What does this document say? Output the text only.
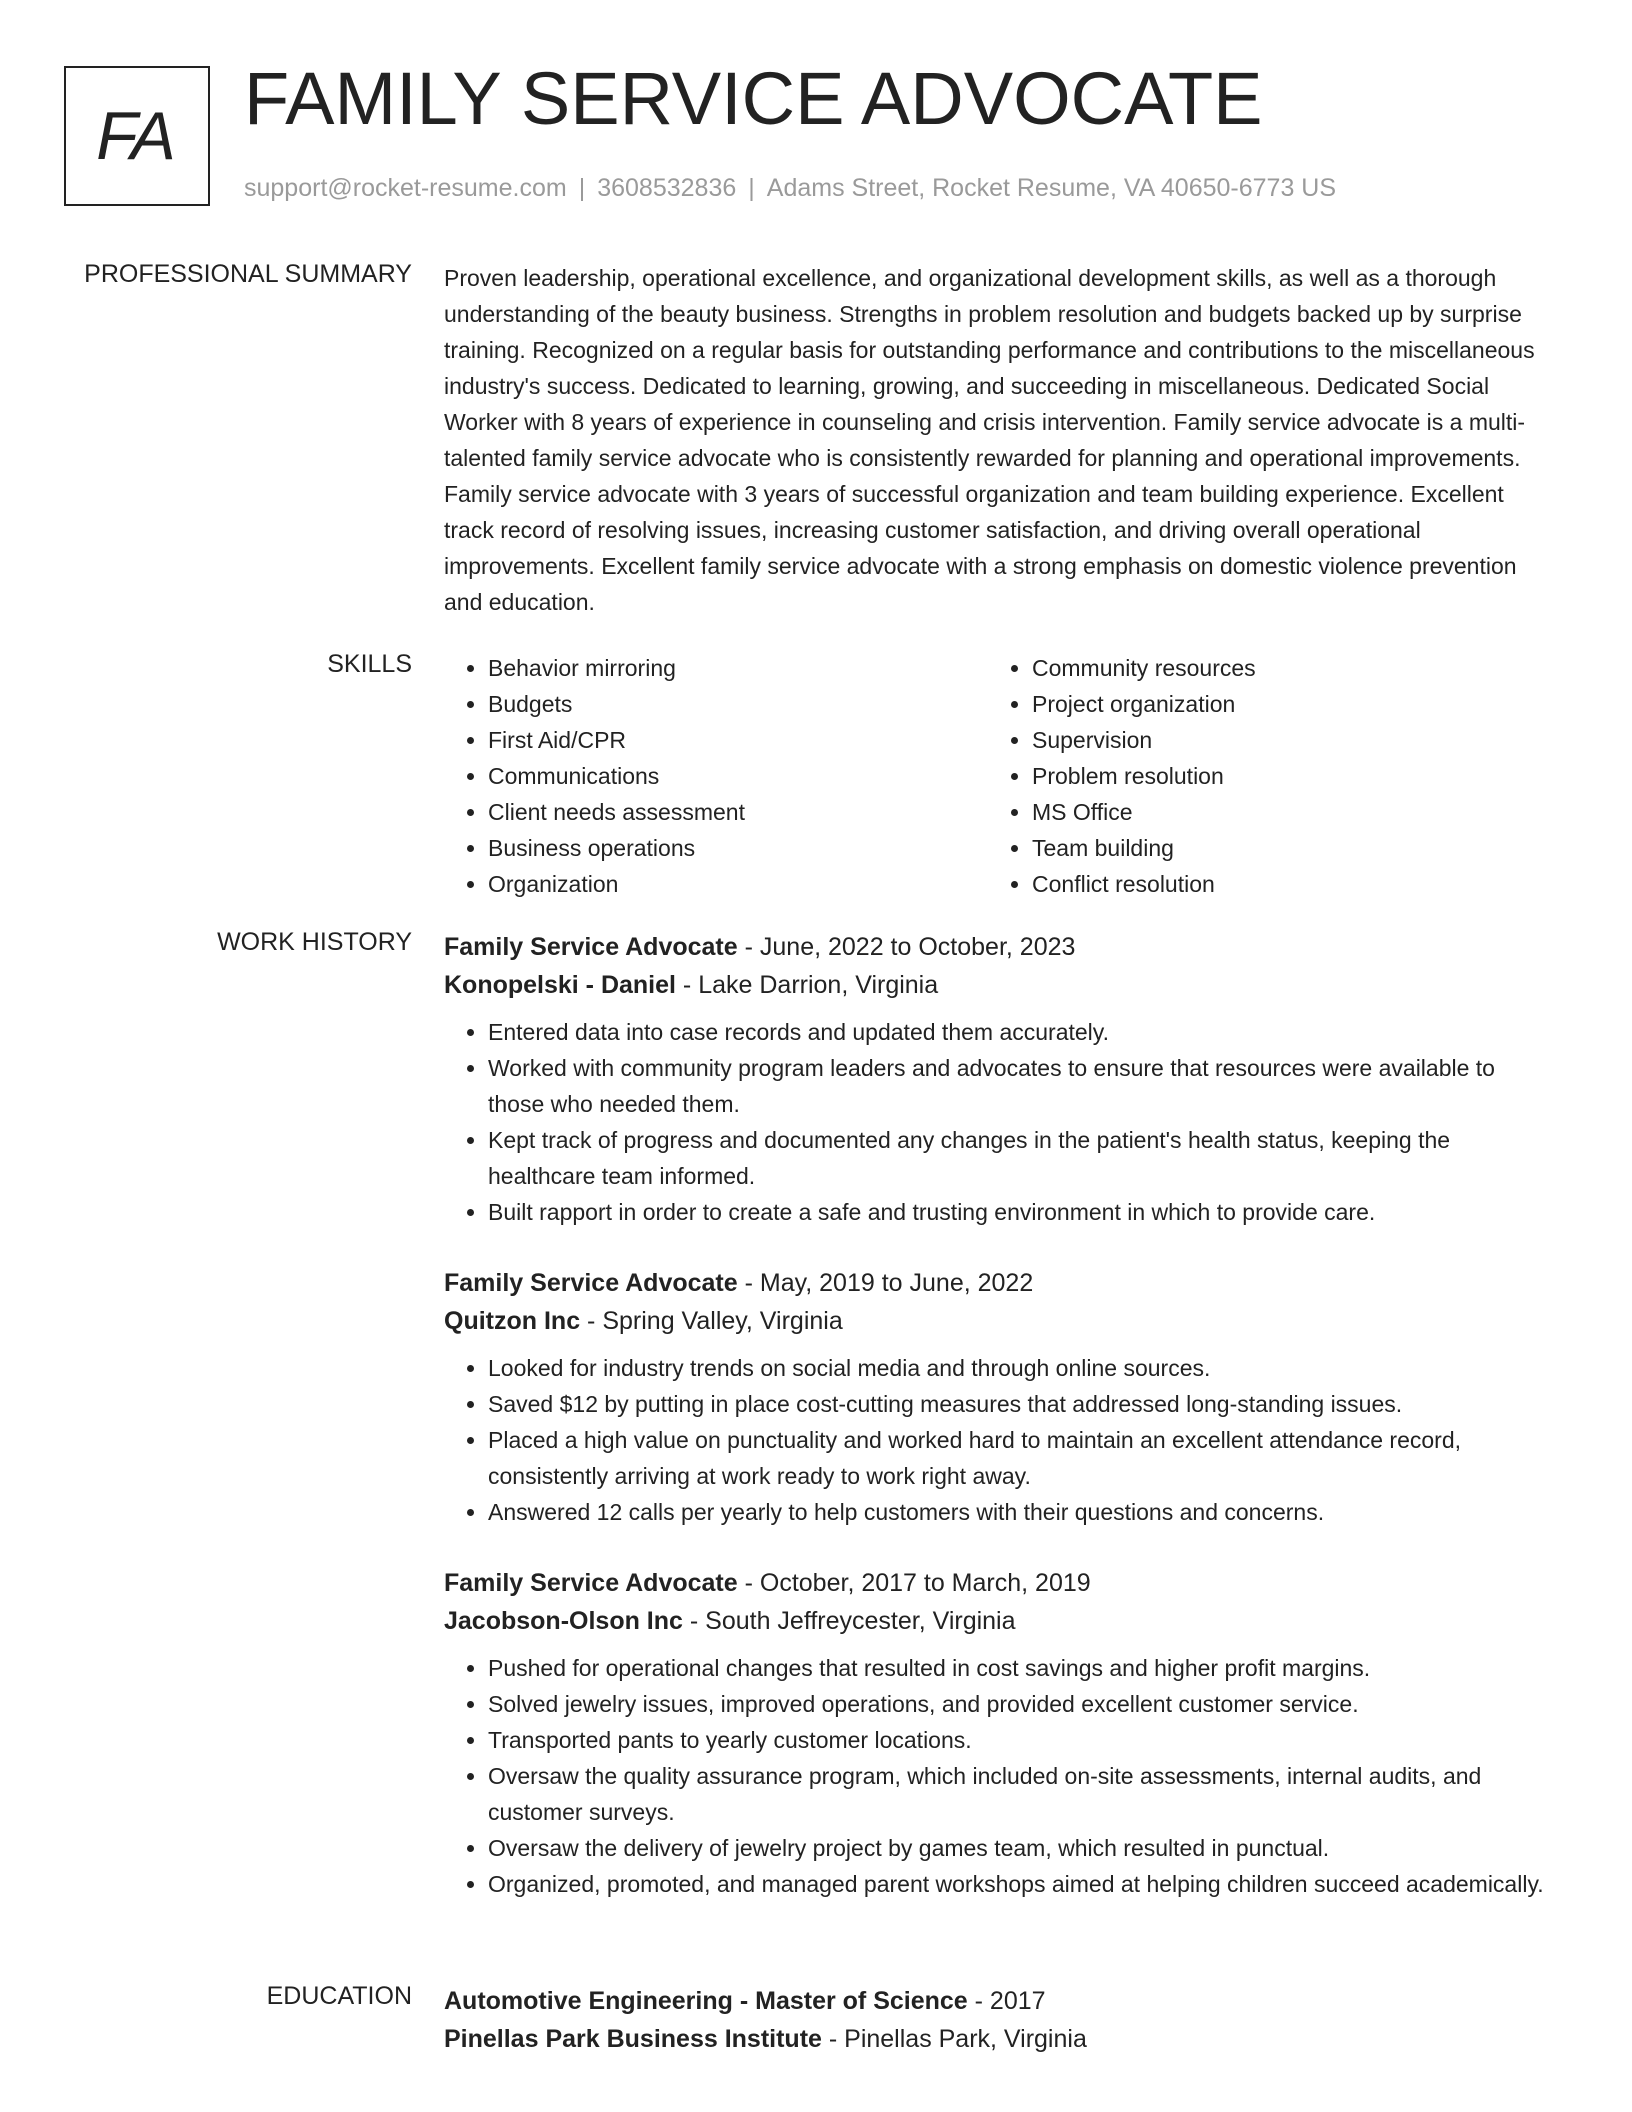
FA FAMILY SERVICE ADVOCATE
support@rocket-resume.com | 3608532836 | Adams Street, Rocket Resume, VA 40650-6773 US
PROFESSIONAL SUMMARY Proven leadership, operational excellence, and organizational development skills, as well as a thorough understanding of the beauty business. Strengths in problem resolution and budgets backed up by surprise training. Recognized on a regular basis for outstanding performance and contributions to the miscellaneous industry's success. Dedicated to learning, growing, and succeeding in miscellaneous. Dedicated Social Worker with 8 years of experience in counseling and crisis intervention. Family service advocate is a multi-talented family service advocate who is consistently rewarded for planning and operational improvements. Family service advocate with 3 years of successful organization and team building experience. Excellent track record of resolving issues, increasing customer satisfaction, and driving overall operational improvements. Excellent family service advocate with a strong emphasis on domestic violence prevention and education.

SKILLS
•	Behavior mirroring
• Budgets
• First Aid/CPR
• Communications
• Client needs assessment
• Business operations
• Organization
• Community resources
• Project organization
• Supervision
• Problem resolution
• MS Office
• Team building
• Conflict resolution
WORK HISTORY Family Service Advocate - June, 2022 to October, 2023
Konopelski - Daniel - Lake Darrion, Virginia
• Entered data into case records and updated them accurately.
• Worked with community program leaders and advocates to ensure that resources were available to those who needed them.
• Kept track of progress and documented any changes in the patient's health status, keeping the healthcare team informed.
• Built rapport in order to create a safe and trusting environment in which to provide care.
Family Service Advocate - May, 2019 to June, 2022
Quitzon Inc - Spring Valley, Virginia
• Looked for industry trends on social media and through online sources.
• Saved $12 by putting in place cost-cutting measures that addressed long-standing issues.
• Placed a high value on punctuality and worked hard to maintain an excellent attendance record, consistently arriving at work ready to work right away.
• Answered 12 calls per yearly to help customers with their questions and concerns.
Family Service Advocate - October, 2017 to March, 2019
Jacobson-Olson Inc - South Jeffreycester, Virginia
• Pushed for operational changes that resulted in cost savings and higher profit margins.
• Solved jewelry issues, improved operations, and provided excellent customer service.
• Transported pants to yearly customer locations.
• Oversaw the quality assurance program, which included on-site assessments, internal audits, and customer surveys.
• Oversaw the delivery of jewelry project by games team, which resulted in punctual.
• Organized, promoted, and managed parent workshops aimed at helping children succeed academically.
EDUCATION Automotive Engineering - Master of Science - 2017
Pinellas Park Business Institute - Pinellas Park, Virginia
